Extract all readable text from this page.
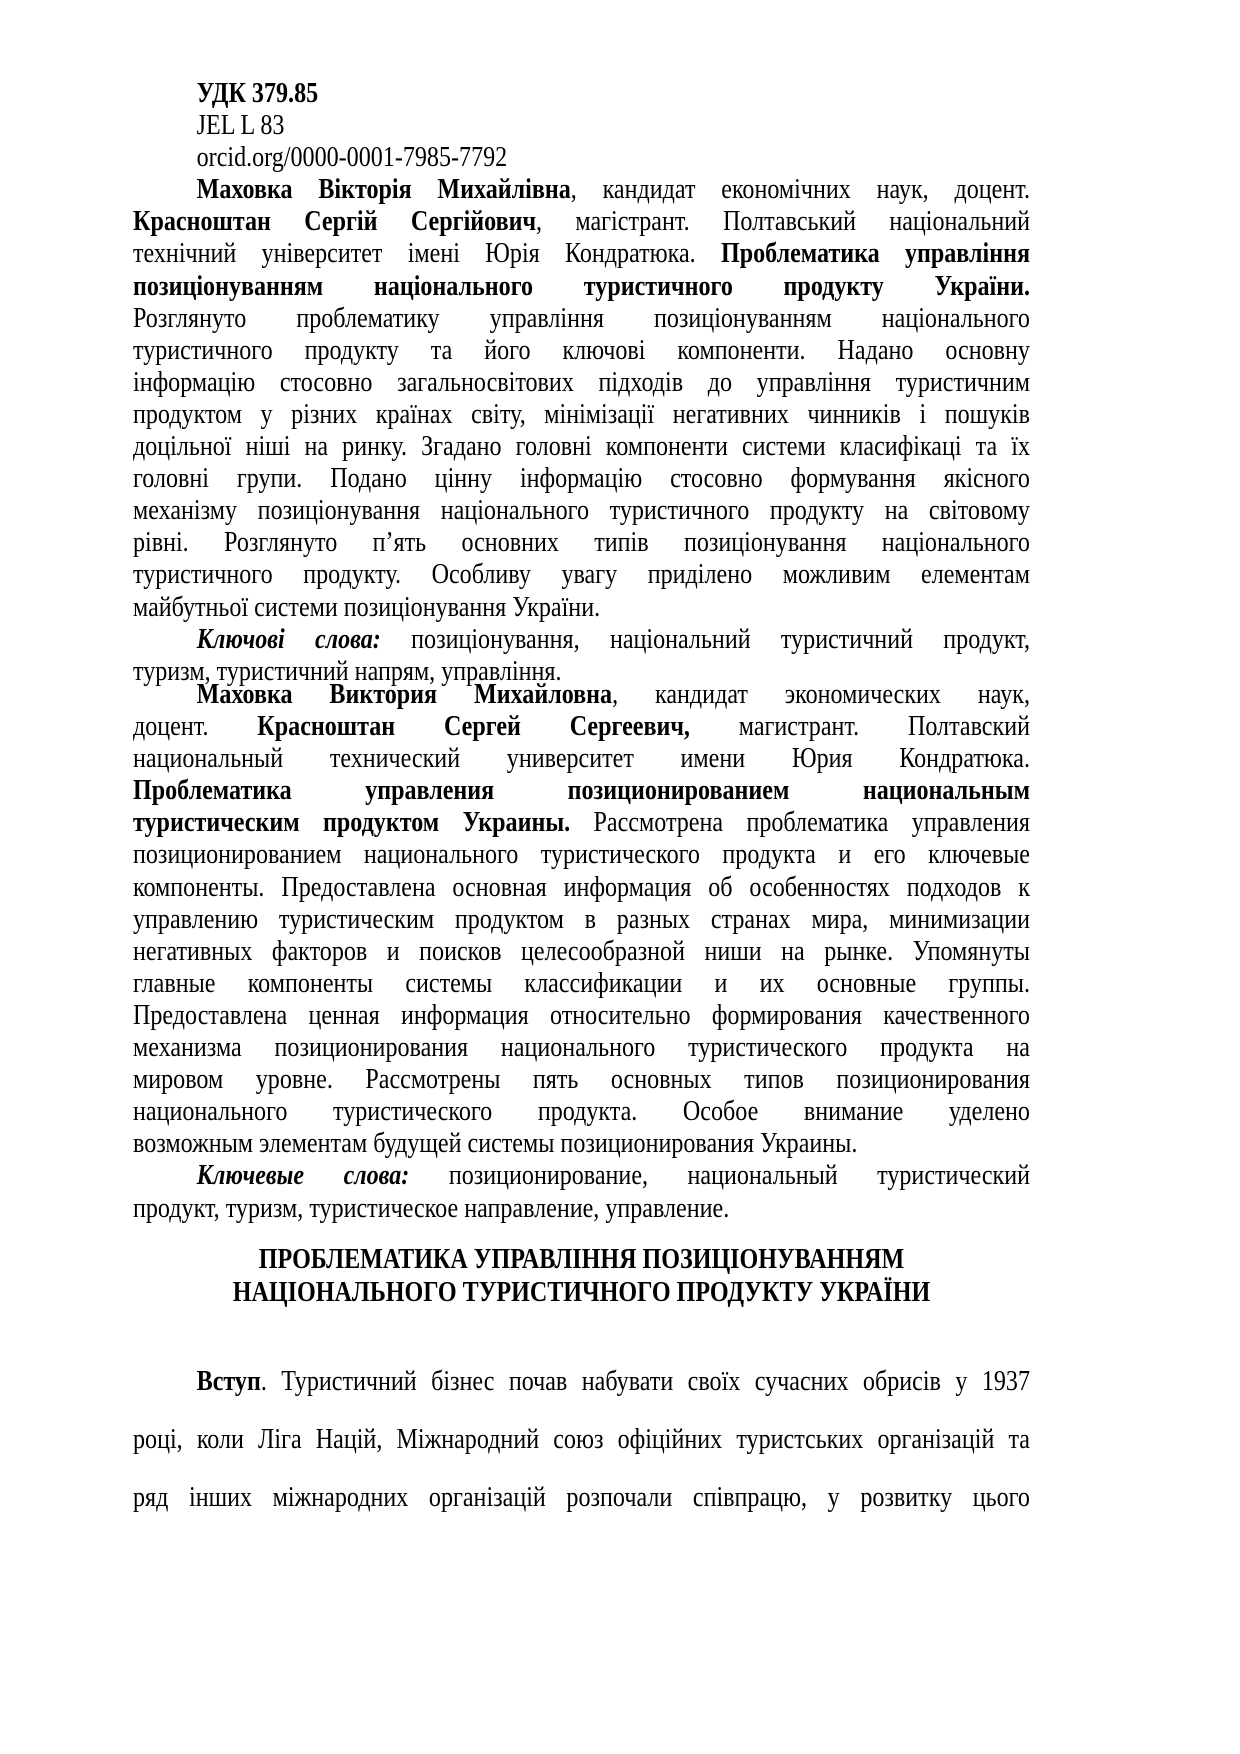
УДК 379.85
JEL L 83
orcid.org/0000-0001-7985-7792
Маховка Вікторія Михайлівна, кандидат економічних наук, доцент.
Красноштан Сергій Сергійович, магістрант. Полтавський національний
технічний університет імені Юрія Кондратюка. Проблематика управління
позиціонуванням національного туристичного продукту України.
Розглянуто проблематику управління позиціонуванням національного
туристичного продукту та його ключові компоненти. Надано основну
інформацію стосовно загальносвітових підходів до управління туристичним
продуктом у різних країнах світу, мінімізації негативних чинників і пошуків
доцільної ніші на ринку. Згадано головні компоненти системи класифікаці та їх
головні групи. Подано цінну інформацію стосовно формування якісного
механізму позиціонування національного туристичного продукту на світовому
рівні. Розглянуто п’ять основних типів позиціонування національного
туристичного продукту. Особливу увагу приділено можливим елементам
майбутньої системи позиціонування України.
Ключові слова: позиціонування, національний туристичний продукт,
туризм, туристичний напрям, управління.
Маховка Виктория Михайловна, кандидат экономических наук,
доцент. Красноштан Сергей Сергеевич, магистрант. Полтавский
национальный технический университет имени Юрия Кондратюка.
Проблематика управления позиционированием национальным
туристическим продуктом Украины. Рассмотрена проблематика управления
позиционированием национального туристического продукта и его ключевые
компоненты. Предоставлена основная информация об особенностях подходов к
управлению туристическим продуктом в разных странах мира, минимизации
негативных факторов и поисков целесообразной ниши на рынке. Упомянуты
главные компоненты системы классификации и их основные группы.
Предоставлена ценная информация относительно формирования качественного
механизма позиционирования национального туристического продукта на
мировом уровне. Рассмотрены пять основных типов позиционирования
национального туристического продукта. Особое внимание уделено
возможным элементам будущей системы позиционирования Украины.
Ключевые слова: позиционирование, национальный туристический
продукт, туризм, туристическое направление, управление.
ПРОБЛЕМАТИКА УПРАВЛІННЯ ПОЗИЦІОНУВАННЯМ
НАЦІОНАЛЬНОГО ТУРИСТИЧНОГО ПРОДУКТУ УКРАЇНИ
Вступ. Туристичний бізнес почав набувати своїх сучасних обрисів у 1937
році, коли Ліга Націй, Міжнародний союз офіційних туристських організацій та
ряд інших міжнародних організацій розпочали співпрацю, у розвитку цього
